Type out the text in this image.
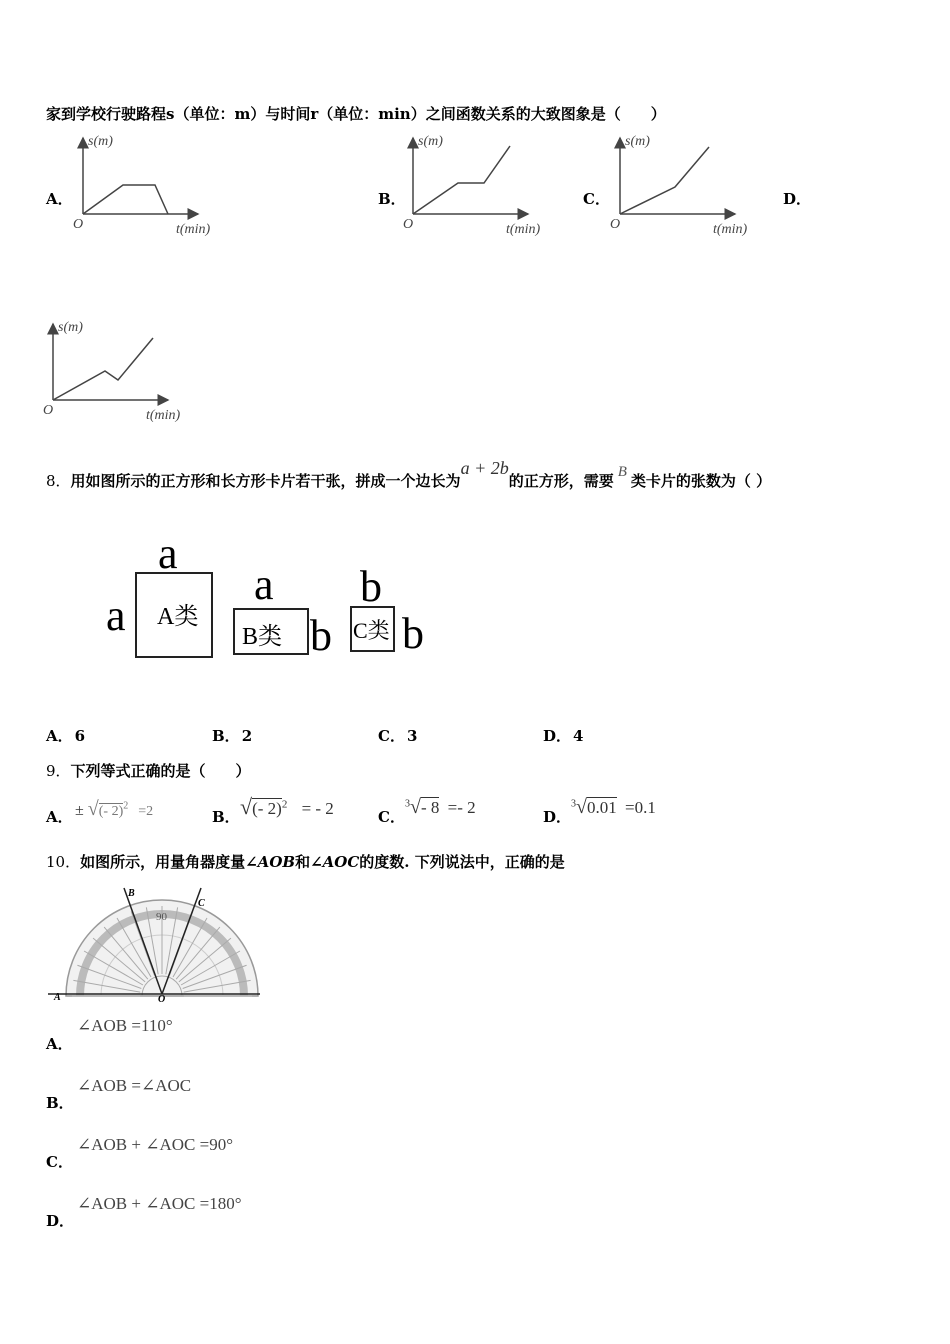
家到学校行驶路程s（单位：m）与时间r（单位：min）之间函数关系的大致图象是（　　）
A．
s(m)
O	t(min)
B．
s(m)
O	t(min)
C．
s(m)
O	t(min)
D．
s(m)
O	t(min)
8．用如图所示的正方形和长方形卡片若干张，拼成一个边长为a + 2b的正方形，需要 B 类卡片的张数为（ ）
a
a A类
a
B类 b
b
C类 b
A． 6	B． 2	C． 3	D． 4
9．下列等式正确的是（　　）
A． ± √(- 2)$^2$ =2	B． √(- 2)$^2$ = - 2	C．
$^3$√- 8 =- 2	D．
$^3$√0.01 =0.1
10．如图所示，用量角器度量∠AOB和∠AOC的度数. 下列说法中，正确的是
90
A	O
B
C
A．
∠AOB =110°
B．
∠AOB =∠AOC
C．
∠AOB + ∠AOC =90°
D．
∠AOB + ∠AOC =180°
